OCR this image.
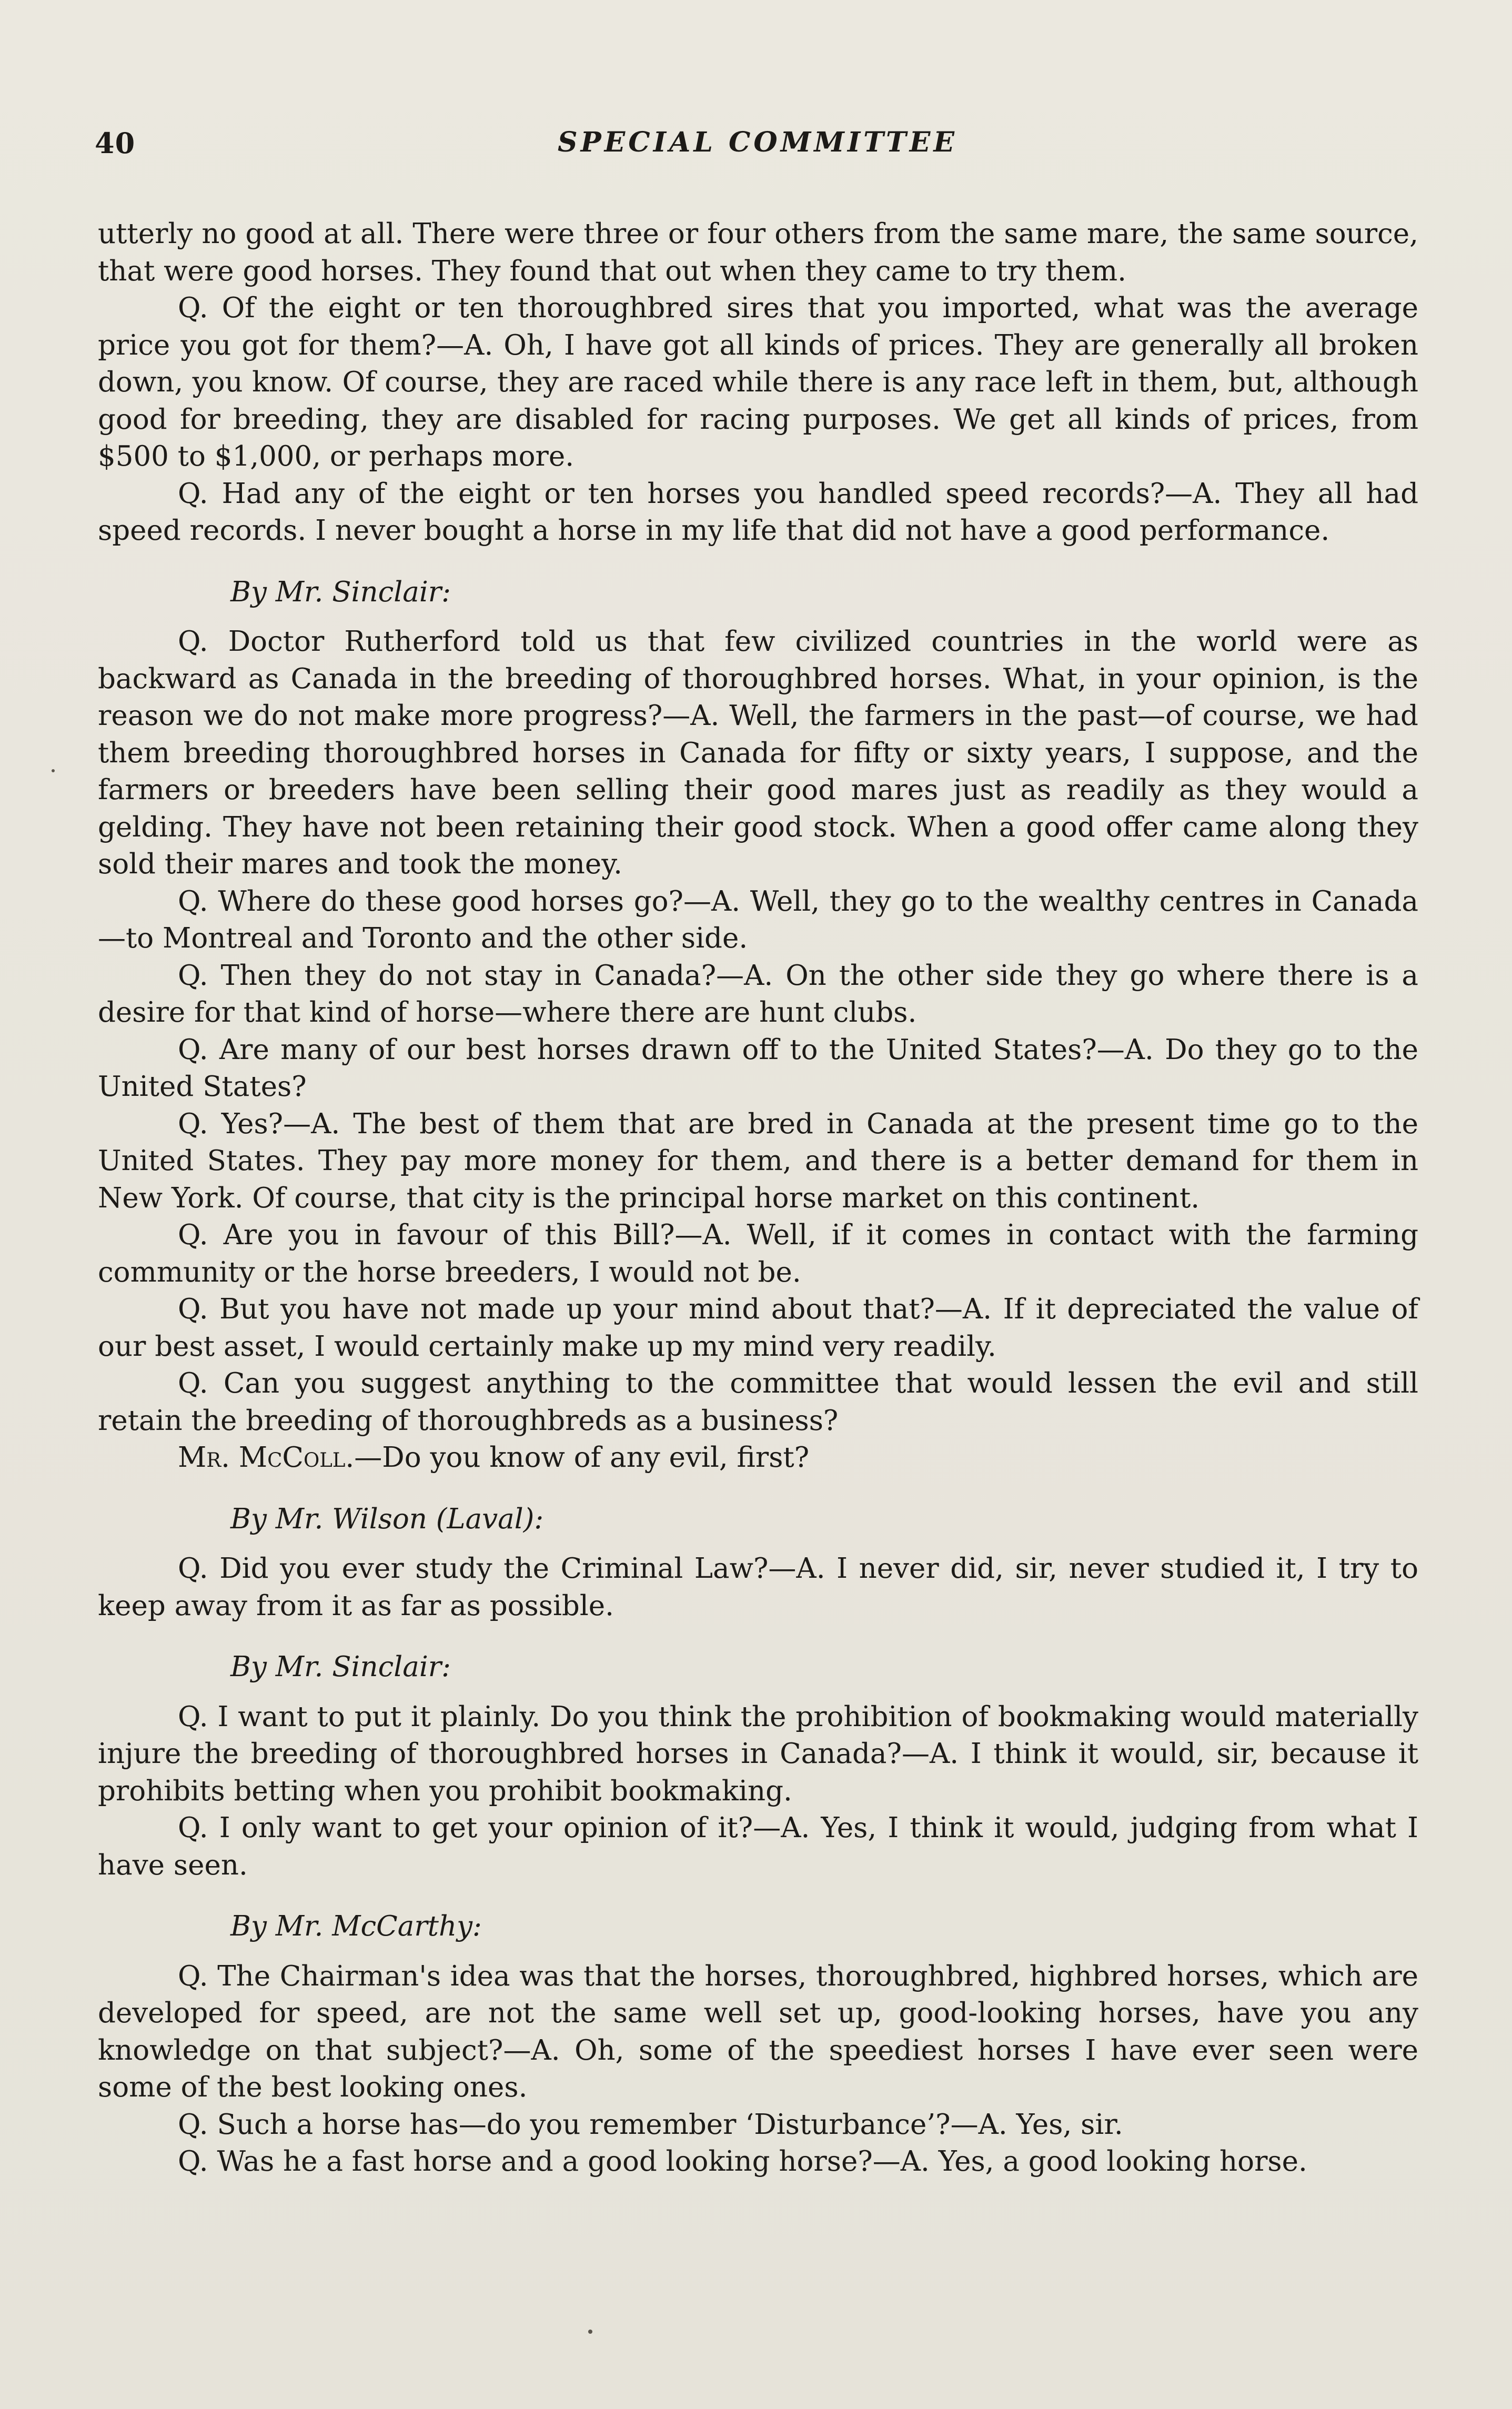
40	SPECIAL COMMITTEE

utterly no good at all. There were three or four others from the same mare, the same source, that were good horses. They found that out when they came to try them.

Q. Of the eight or ten thoroughbred sires that you imported, what was the average price you got for them?—A. Oh, I have got all kinds of prices. They are generally all broken down, you know. Of course, they are raced while there is any race left in them, but, although good for breeding, they are disabled for racing purposes. We get all kinds of prices, from $500 to $1,000, or perhaps more.

Q. Had any of the eight or ten horses you handled speed records?—A. They all had speed records. I never bought a horse in my life that did not have a good performance.

By Mr. Sinclair:

Q. Doctor Rutherford told us that few civilized countries in the world were as backward as Canada in the breeding of thoroughbred horses. What, in your opinion, is the reason we do not make more progress?—A. Well, the farmers in the past—of course, we had them breeding thoroughbred horses in Canada for fifty or sixty years, I suppose, and the farmers or breeders have been selling their good mares just as readily as they would a gelding. They have not been retaining their good stock. When a good offer came along they sold their mares and took the money.

Q. Where do these good horses go?—A. Well, they go to the wealthy centres in Canada—to Montreal and Toronto and the other side.

Q. Then they do not stay in Canada?—A. On the other side they go where there is a desire for that kind of horse—where there are hunt clubs.

Q. Are many of our best horses drawn off to the United States?—A. Do they go to the United States?

Q. Yes?—A. The best of them that are bred in Canada at the present time go to the United States. They pay more money for them, and there is a better demand for them in New York. Of course, that city is the principal horse market on this continent.

Q. Are you in favour of this Bill?—A. Well, if it comes in contact with the farming community or the horse breeders, I would not be.

Q. But you have not made up your mind about that?—A. If it depreciated the value of our best asset, I would certainly make up my mind very readily.

Q. Can you suggest anything to the committee that would lessen the evil and still retain the breeding of thoroughbreds as a business?

Mr. McColl.—Do you know of any evil, first?

By Mr. Wilson (Laval):

Q. Did you ever study the Criminal Law?—A. I never did, sir, never studied it, I try to keep away from it as far as possible.

By Mr. Sinclair:

Q. I want to put it plainly. Do you think the prohibition of bookmaking would materially injure the breeding of thoroughbred horses in Canada?—A. I think it would, sir, because it prohibits betting when you prohibit bookmaking.

Q. I only want to get your opinion of it?—A. Yes, I think it would, judging from what I have seen.

By Mr. McCarthy:

Q. The Chairman's idea was that the horses, thoroughbred, highbred horses, which are developed for speed, are not the same well set up, good-looking horses, have you any knowledge on that subject?—A. Oh, some of the speediest horses I have ever seen were some of the best looking ones.

Q. Such a horse has—do you remember ‘Disturbance’?—A. Yes, sir.

Q. Was he a fast horse and a good looking horse?—A. Yes, a good looking horse.
